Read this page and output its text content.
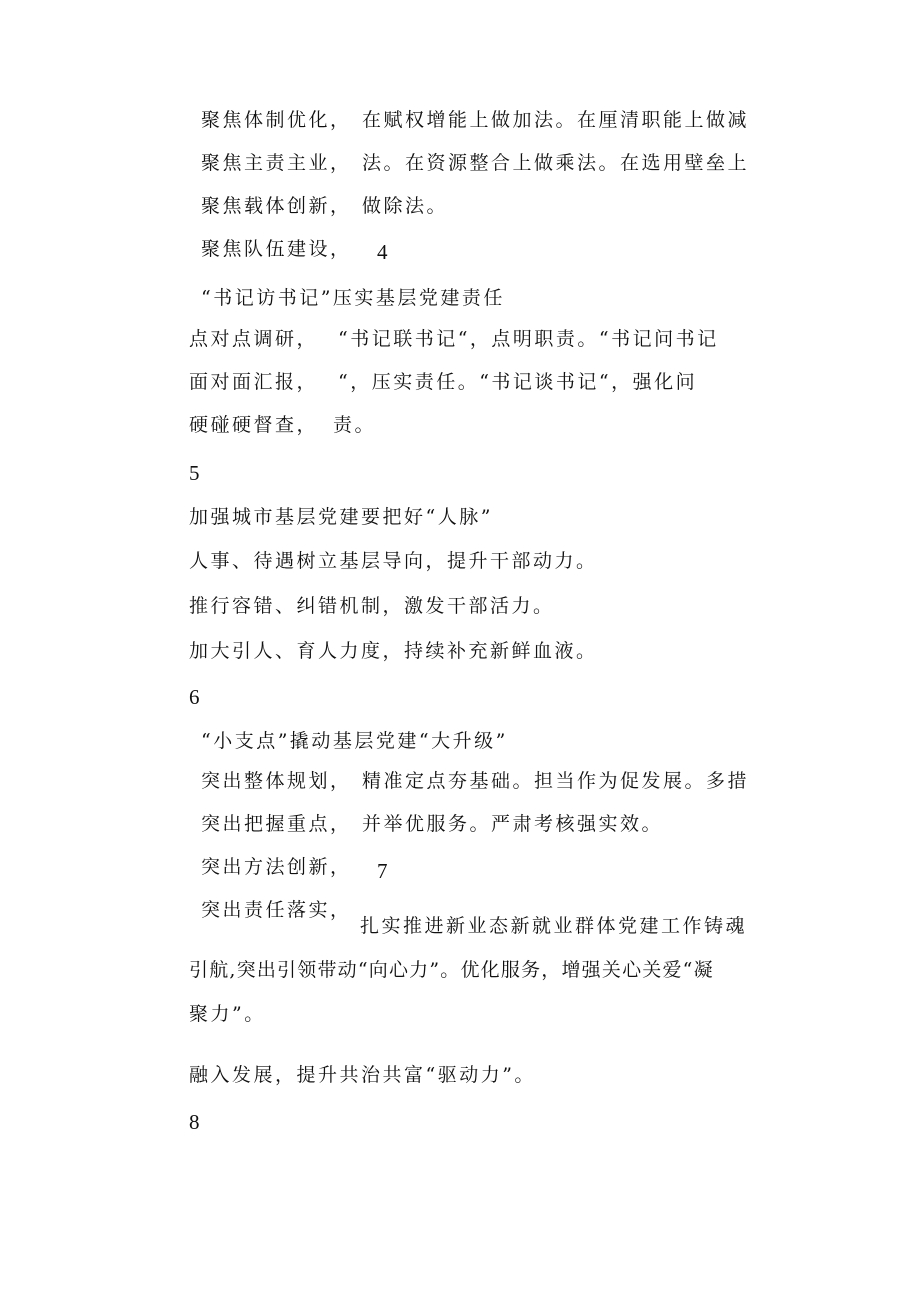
聚焦体制优化，
聚焦主责主业，
聚焦载体创新，
聚焦队伍建设，
在赋权增能上做加法。在厘清职能上做减
法。在资源整合上做乘法。在选用壁垒上
做除法。
4
“书记访书记”压实基层党建责任
点对点调研，
面对面汇报，
硬碰硬督查，
“书记联书记“，点明职责。“书记问书记
“，压实责任。“书记谈书记“，强化问
责。
5
加强城市基层党建要把好“人脉”
人事、待遇树立基层导向，提升干部动力。
推行容错、纠错机制，激发干部活力。
加大引人、育人力度，持续补充新鲜血液。
6
“小支点”撬动基层党建“大升级”
突出整体规划，
突出把握重点，
突出方法创新，
突出责任落实，
精准定点夯基础。担当作为促发展。多措
并举优服务。严肃考核强实效。
7
扎实推进新业态新就业群体党建工作铸魂
引航,突出引领带动“向心力”。优化服务，增强关心关爱“凝
聚力”。
融入发展，提升共治共富“驱动力”。
8
